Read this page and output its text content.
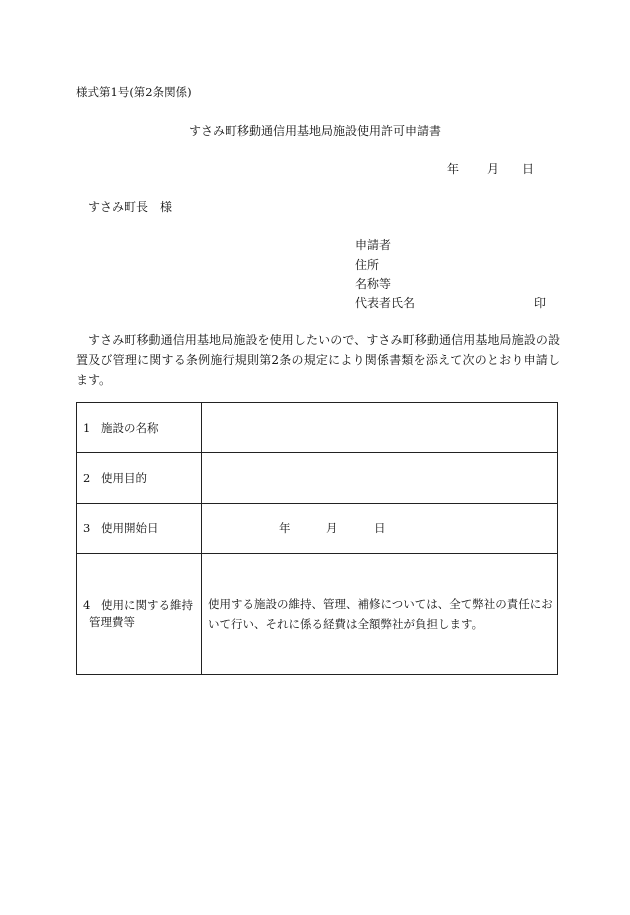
様式第1号(第2条関係)
すさみ町移動通信用基地局施設使用許可申請書
年 月 日
すさみ町長　様
申請者
住所
名称等
代表者氏名	印
すさみ町移動通信用基地局施設を使用したいので、すさみ町移動通信用基地局施設の設置及び管理に関する条例施行規則第2条の規定により関係書類を添えて次のとおり申請します。
1 施設の名称	
2 使用目的	
3 使用開始日	年 月 日

4 使用に関する維持
管理費等	使用する施設の維持、管理、補修については、全て弊社の責任において行い、それに係る経費は全額弊社が負担します。
